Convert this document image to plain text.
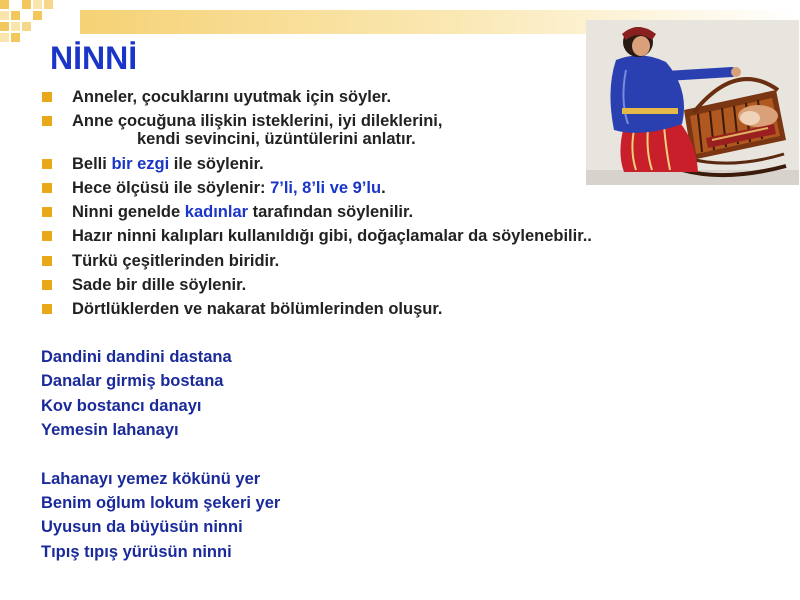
NİNNİ
Anneler, çocuklarını uyutmak için söyler.
Anne çocuğuna ilişkin isteklerini, iyi dileklerini,
kendi sevincini, üzüntülerini anlatır.
Belli bir ezgi ile söylenir.
Hece ölçüsü ile söylenir: 7’li, 8’li ve 9’lu.
Ninni genelde kadınlar tarafından söylenilir.
Hazır ninni kalıpları kullanıldığı gibi, doğaçlamalar da söylenebilir..
Türkü çeşitlerinden biridir.
Sade bir dille söylenir.
Dörtlüklerden ve nakarat bölümlerinden oluşur.
Dandini dandini dastana
Danalar girmiş bostana
Kov bostancı danayı
Yemesin lahanayı
Lahanayı yemez kökünü yer
Benim oğlum lokum şekeri yer
Uyusun da büyüsün ninni
Tıpış tıpış yürüsün ninni
